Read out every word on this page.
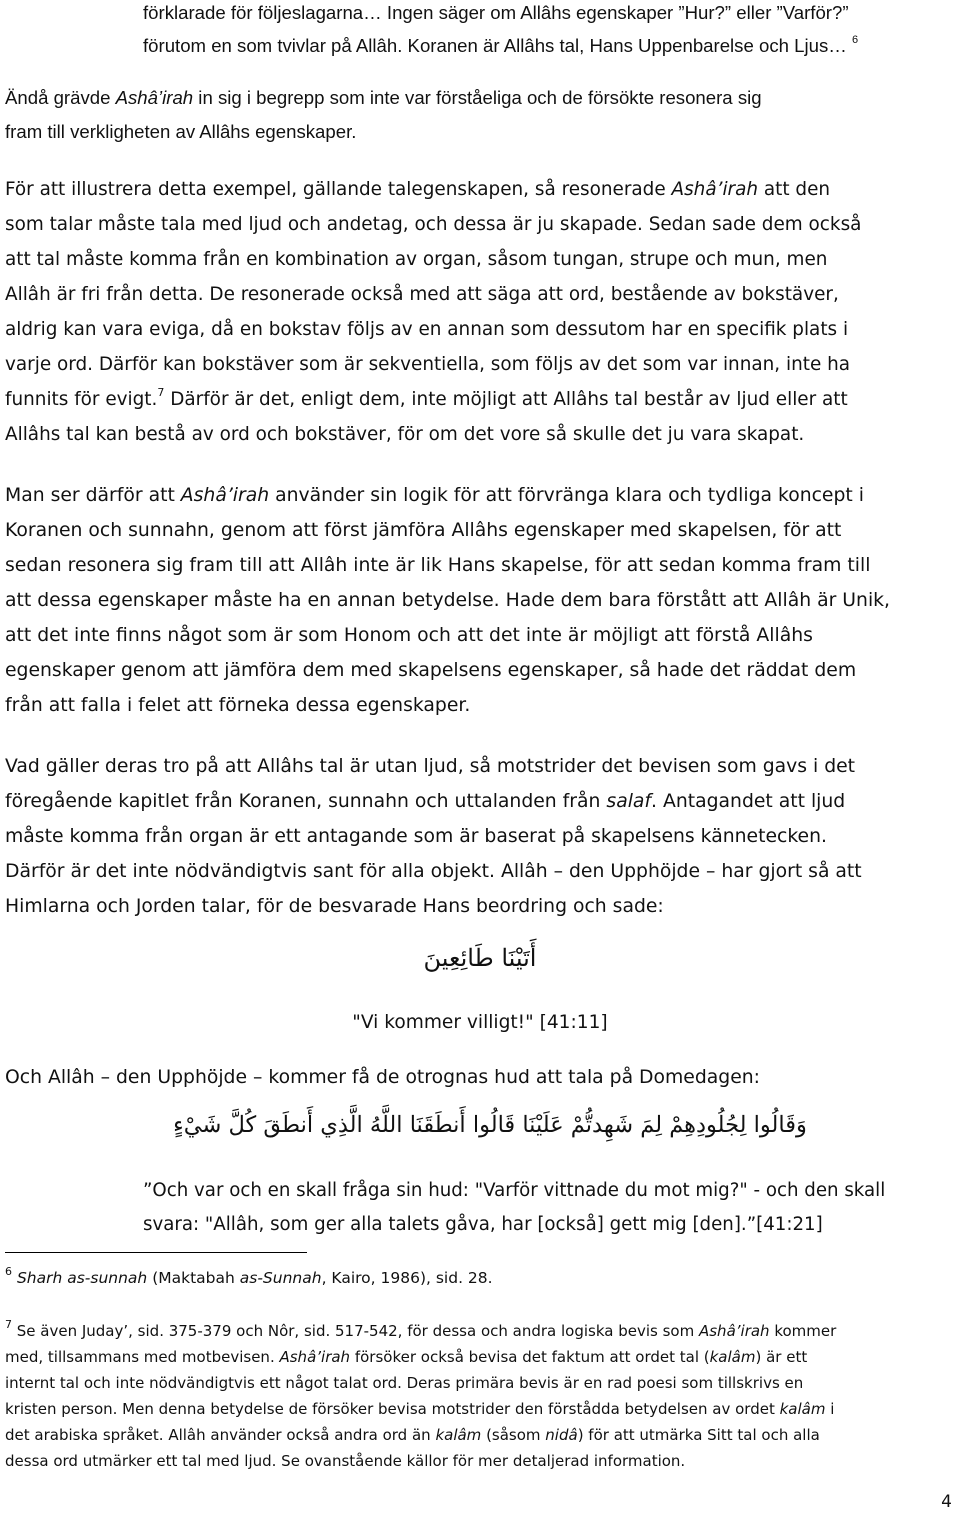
förklarade för följeslagarna… Ingen säger om Allâhs egenskaper ”Hur?” eller ”Varför?”
förutom en som tvivlar på Allâh. Koranen är Allâhs tal, Hans Uppenbarelse och Ljus… $^6$
Ändå grävde Ashâ’irah in sig i begrepp som inte var förståeliga och de försökte resonera sig
fram till verkligheten av Allâhs egenskaper.
För att illustrera detta exempel, gällande talegenskapen, så resonerade Ashâ’irah att den
som talar måste tala med ljud och andetag, och dessa är ju skapade. Sedan sade dem också
att tal måste komma från en kombination av organ, såsom tungan, strupe och mun, men
Allâh är fri från detta. De resonerade också med att säga att ord, bestående av bokstäver,
aldrig kan vara eviga, då en bokstav följs av en annan som dessutom har en specifik plats i
varje ord. Därför kan bokstäver som är sekventiella, som följs av det som var innan, inte ha
funnits för evigt.$^7$ Därför är det, enligt dem, inte möjligt att Allâhs tal består av ljud eller att
Allâhs tal kan bestå av ord och bokstäver, för om det vore så skulle det ju vara skapat.
Man ser därför att Ashâ’irah använder sin logik för att förvränga klara och tydliga koncept i
Koranen och sunnahn, genom att först jämföra Allâhs egenskaper med skapelsen, för att
sedan resonera sig fram till att Allâh inte är lik Hans skapelse, för att sedan komma fram till
att dessa egenskaper måste ha en annan betydelse. Hade dem bara förstått att Allâh är Unik,
att det inte finns något som är som Honom och att det inte är möjligt att förstå Allâhs
egenskaper genom att jämföra dem med skapelsens egenskaper, så hade det räddat dem
från att falla i felet att förneka dessa egenskaper.
Vad gäller deras tro på att Allâhs tal är utan ljud, så motstrider det bevisen som gavs i det
föregående kapitlet från Koranen, sunnahn och uttalanden från salaf. Antagandet att ljud
måste komma från organ är ett antagande som är baserat på skapelsens kännetecken.
Därför är det inte nödvändigtvis sant för alla objekt. Allâh – den Upphöjde – har gjort så att
Himlarna och Jorden talar, för de besvarade Hans beordring och sade:
أَتَيْنَا طَائِعِينَ
"Vi kommer villigt!" [41:11]
Och Allâh – den Upphöjde – kommer få de otrognas hud att tala på Domedagen:
وَقَالُوا لِجُلُودِهِمْ لِمَ شَهِدتُّمْ عَلَيْنَا قَالُوا أَنطَقَنَا اللَّهُ الَّذِي أَنطَقَ كُلَّ شَيْءٍ
”Och var och en skall fråga sin hud: "Varför vittnade du mot mig?" - och den skall
svara: "Allâh, som ger alla talets gåva, har [också] gett mig [den].”[41:21]
$^6$ Sharh as-sunnah (Maktabah as-Sunnah, Kairo, 1986), sid. 28.
$^7$ Se även Juday’, sid. 375-379 och Nôr, sid. 517-542, för dessa och andra logiska bevis som Ashâ’irah kommer
med, tillsammans med motbevisen. Ashâ’irah försöker också bevisa det faktum att ordet tal (kalâm) är ett
internt tal och inte nödvändigtvis ett något talat ord. Deras primära bevis är en rad poesi som tillskrivs en
kristen person. Men denna betydelse de försöker bevisa motstrider den förstådda betydelsen av ordet kalâm i
det arabiska språket. Allâh använder också andra ord än kalâm (såsom nidâ) för att utmärka Sitt tal och alla
dessa ord utmärker ett tal med ljud. Se ovanstående källor för mer detaljerad information.
4
